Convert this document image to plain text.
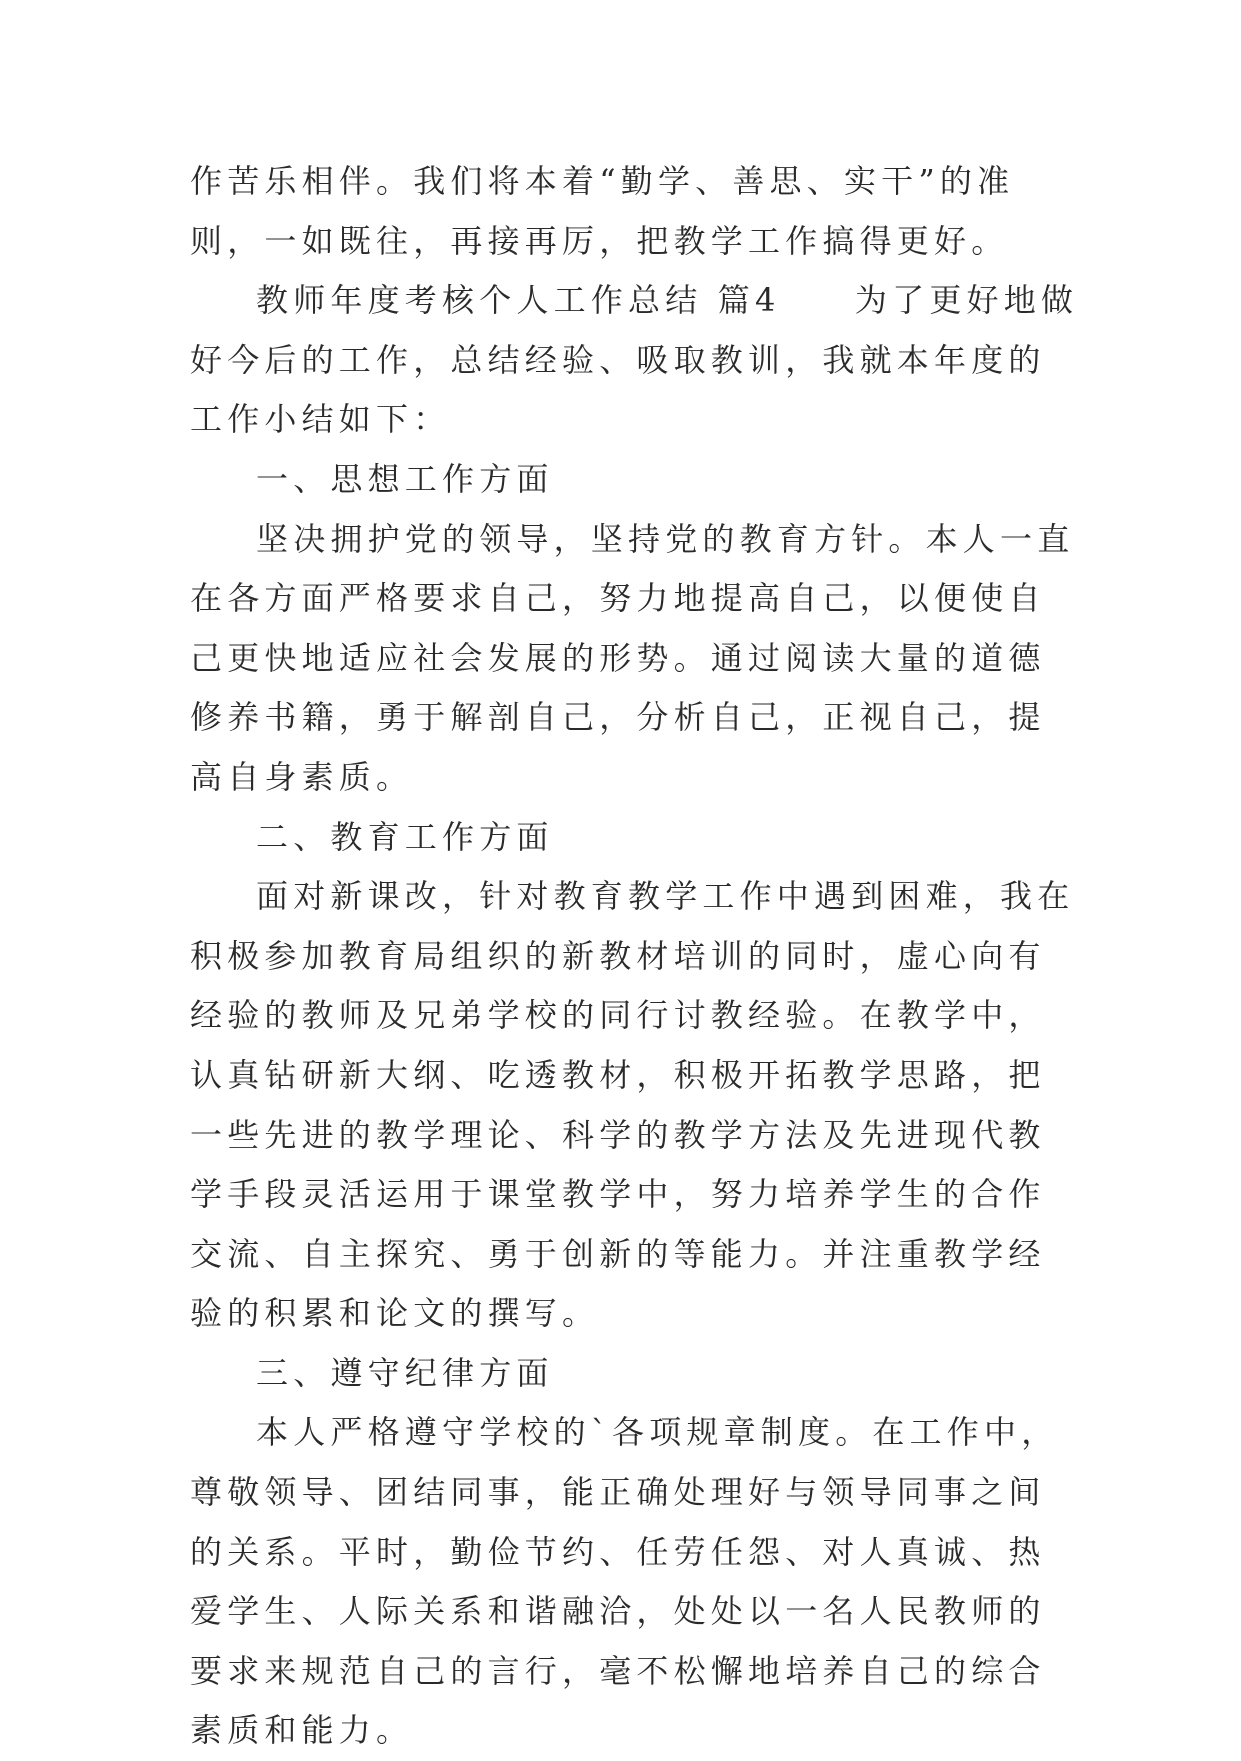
作苦乐相伴。我们将本着“勤学、善思、实干”的准则，一如既往，再接再厉，把教学工作搞得更好。

教师年度考核个人工作总结 篇4　　为了更好地做好今后的工作，总结经验、吸取教训，我就本年度的工作小结如下：

一、思想工作方面

坚决拥护党的领导，坚持党的教育方针。本人一直在各方面严格要求自己，努力地提高自己，以便使自己更快地适应社会发展的形势。通过阅读大量的道德修养书籍，勇于解剖自己，分析自己，正视自己，提高自身素质。

二、教育工作方面

面对新课改，针对教育教学工作中遇到困难，我在积极参加教育局组织的新教材培训的同时，虚心向有经验的教师及兄弟学校的同行讨教经验。在教学中，认真钻研新大纲、吃透教材，积极开拓教学思路，把一些先进的教学理论、科学的教学方法及先进现代教学手段灵活运用于课堂教学中，努力培养学生的合作交流、自主探究、勇于创新的等能力。并注重教学经验的积累和论文的撰写。

三、遵守纪律方面

本人严格遵守学校的`各项规章制度。在工作中，尊敬领导、团结同事，能正确处理好与领导同事之间的关系。平时，勤俭节约、任劳任怨、对人真诚、热爱学生、人际关系和谐融洽，处处以一名人民教师的要求来规范自己的言行，毫不松懈地培养自己的综合素质和能力。
